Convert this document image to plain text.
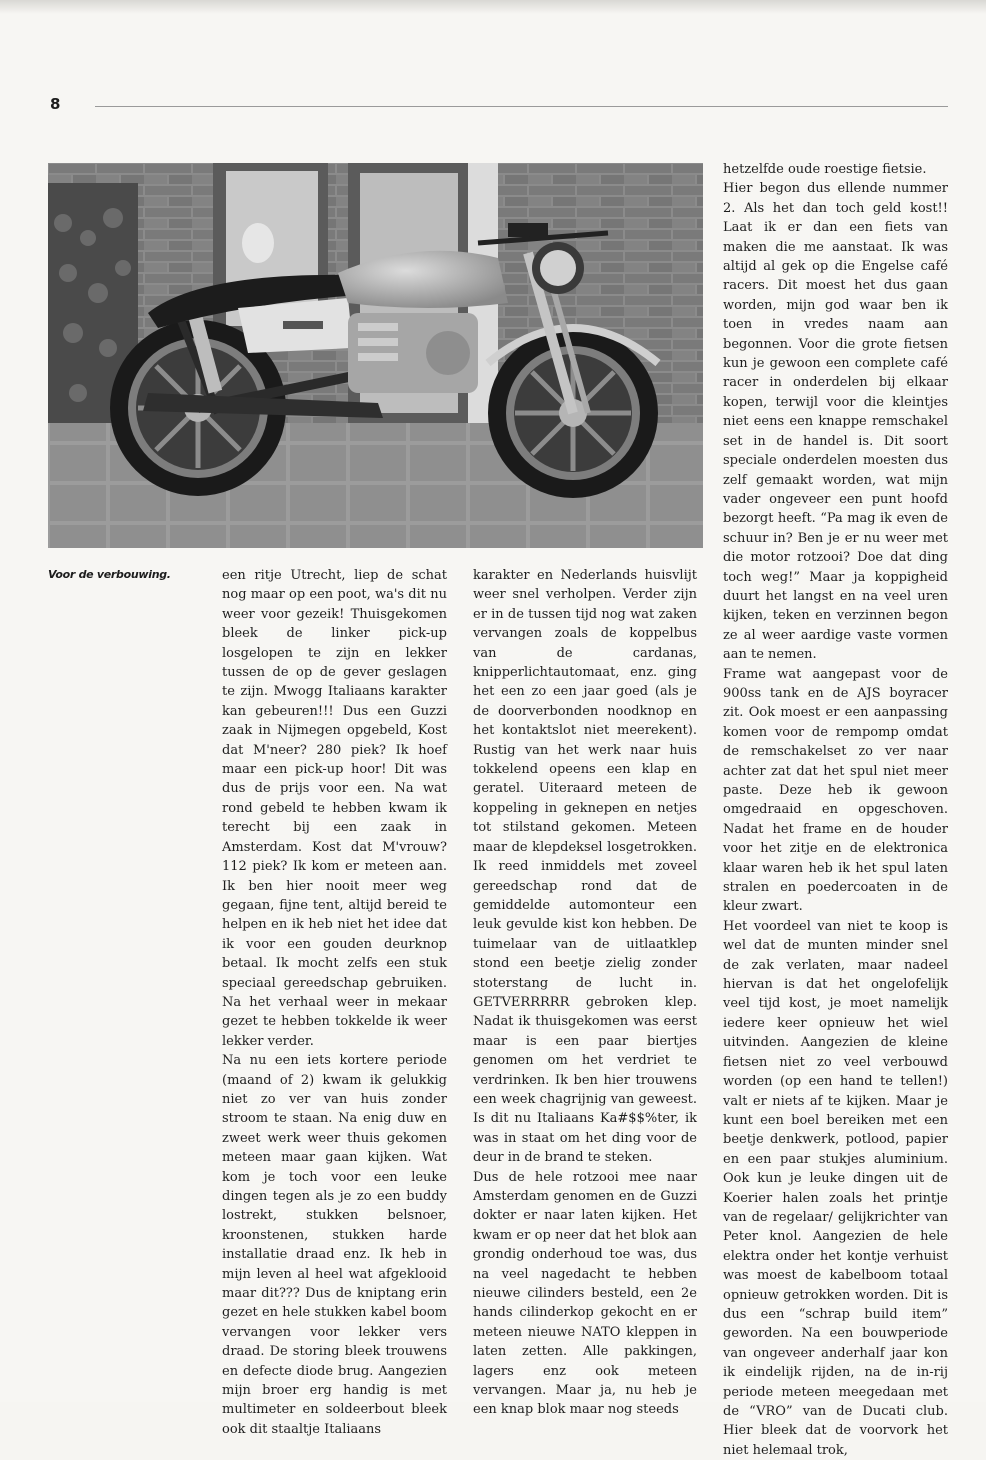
8
Voor de verbouwing.	een ritje Utrecht, liep de schat nog maar op een poot, wa's dit nu weer voor gezeik! Thuisgekomen bleek de linker pick-up losgelopen te zijn en lekker tussen de op de gever geslagen te zijn. Mwogg Italiaans karakter kan gebeuren!!! Dus een Guzzi zaak in Nijmegen opgebeld, Kost dat M'neer? 280 piek? Ik hoef maar een pick-up hoor! Dit was dus de prijs voor een. Na wat rond gebeld te hebben kwam ik terecht bij een zaak in Amsterdam. Kost dat M'vrouw? 112 piek? Ik kom er meteen aan. Ik ben hier nooit meer weg gegaan, fijne tent, altijd bereid te helpen en ik heb niet het idee dat ik voor een gouden deurknop betaal. Ik mocht zelfs een stuk speciaal gereedschap gebruiken. Na het verhaal weer in mekaar gezet te hebben tokkelde ik weer lekker verder.

Na nu een iets kortere periode (maand of 2) kwam ik gelukkig niet zo ver van huis zonder stroom te staan. Na enig duw en zweet werk weer thuis gekomen meteen maar gaan kijken. Wat kom je toch voor een leuke dingen tegen als je zo een buddy lostrekt, stukken belsnoer, kroonstenen, stukken harde installatie draad enz. Ik heb in mijn leven al heel wat afgeklooid maar dit??? Dus de kniptang erin gezet en hele stukken kabel boom vervangen voor lekker vers draad. De storing bleek trouwens en defecte diode brug. Aangezien mijn broer erg handig is met multimeter en soldeerbout bleek ook dit staaltje Italiaans

karakter en Nederlands huisvlijt weer snel verholpen. Verder zijn er in de tussen tijd nog wat zaken vervangen zoals de koppelbus van de cardanas, knipperlichtautomaat, enz. ging het een zo een jaar goed (als je de doorverbonden noodknop en het kontaktslot niet meerekent). Rustig van het werk naar huis tokkelend opeens een klap en geratel. Uiteraard meteen de koppeling in geknepen en netjes tot stilstand gekomen. Meteen maar de klepdeksel losgetrokken. Ik reed inmiddels met zoveel gereedschap rond dat de gemiddelde automonteur een leuk gevulde kist kon hebben. De tuimelaar van de uitlaatklep stond een beetje zielig zonder stoterstang de lucht in. GETVERRRRR gebroken klep. Nadat ik thuisgekomen was eerst maar is een paar biertjes genomen om het verdriet te verdrinken. Ik ben hier trouwens een week chagrijnig van geweest. Is dit nu Italiaans Ka#$$%ter, ik was in staat om het ding voor de deur in de brand te steken.

Dus de hele rotzooi mee naar Amsterdam genomen en de Guzzi dokter er naar laten kijken. Het kwam er op neer dat het blok aan grondig onderhoud toe was, dus na veel nagedacht te hebben nieuwe cilinders besteld, een 2e hands cilinderkop gekocht en er meteen nieuwe NATO kleppen in laten zetten. Alle pakkingen, lagers enz ook meteen vervangen. Maar ja, nu heb je een knap blok maar nog steeds

hetzelfde oude roestige fietsie.

Hier begon dus ellende nummer 2. Als het dan toch geld kost!! Laat ik er dan een fiets van maken die me aanstaat. Ik was altijd al gek op die Engelse café racers. Dit moest het dus gaan worden, mijn god waar ben ik toen in vredes naam aan begonnen. Voor die grote fietsen kun je gewoon een complete café racer in onderdelen bij elkaar kopen, terwijl voor die kleintjes niet eens een knappe remschakel set in de handel is. Dit soort speciale onderdelen moesten dus zelf gemaakt worden, wat mijn vader ongeveer een punt hoofd bezorgt heeft. “Pa mag ik even de schuur in? Ben je er nu weer met die motor rotzooi? Doe dat ding toch weg!” Maar ja koppigheid duurt het langst en na veel uren kijken, teken en verzinnen begon ze al weer aardige vaste vormen aan te nemen.

Frame wat aangepast voor de 900ss tank en de AJS boyracer zit. Ook moest er een aanpassing komen voor de rempomp omdat de remschakelset zo ver naar achter zat dat het spul niet meer paste. Deze heb ik gewoon omgedraaid en opgeschoven. Nadat het frame en de houder voor het zitje en de elektronica klaar waren heb ik het spul laten stralen en poedercoaten in de kleur zwart.

Het voordeel van niet te koop is wel dat de munten minder snel de zak verlaten, maar nadeel hiervan is dat het ongelofelijk veel tijd kost, je moet namelijk iedere keer opnieuw het wiel uitvinden. Aangezien de kleine fietsen niet zo veel verbouwd worden (op een hand te tellen!) valt er niets af te kijken. Maar je kunt een boel bereiken met een beetje denkwerk, potlood, papier en een paar stukjes aluminium. Ook kun je leuke dingen uit de Koerier halen zoals het printje van de regelaar/ gelijkrichter van Peter knol. Aangezien de hele elektra onder het kontje verhuist was moest de kabelboom totaal opnieuw getrokken worden. Dit is dus een “schrap build item” geworden. Na een bouwperiode van ongeveer anderhalf jaar kon ik eindelijk rijden, na de in-rij periode meteen meegedaan met de “VRO” van de Ducati club. Hier bleek dat de voorvork het niet helemaal trok,
